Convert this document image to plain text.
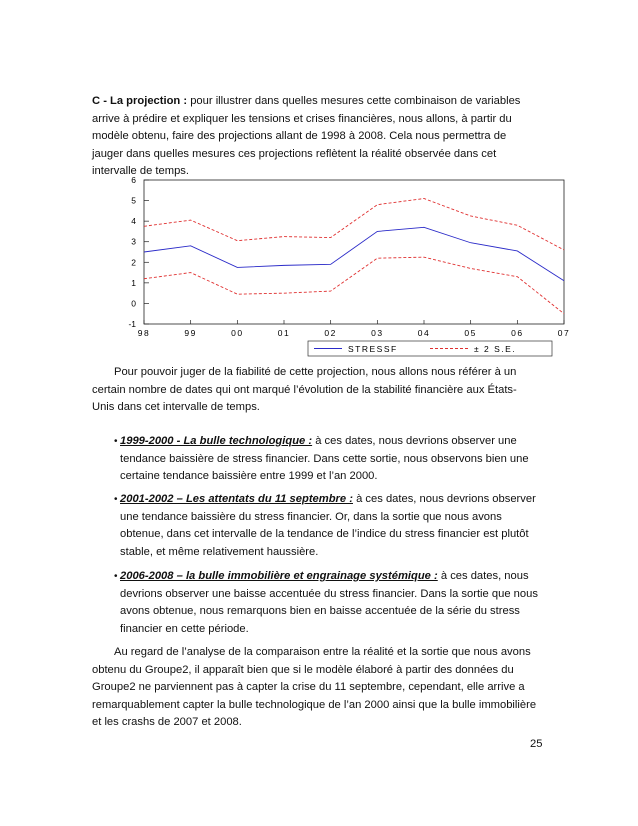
C - La projection : pour illustrer dans quelles mesures cette combinaison de variables arrive à prédire et expliquer les tensions et crises financières, nous allons, à partir du modèle obtenu, faire des projections allant de 1998 à 2008. Cela nous permettra de jauger dans quelles mesures ces projections reflètent la réalité observée dans cet intervalle de temps.

-1
0
1
2
3
4
5
6
98	99	00	01	02	03	04	05	06	07
STRESSF	± 2 S.E.

Pour pouvoir juger de la fiabilité de cette projection, nous allons nous référer à un certain nombre de dates qui ont marqué l’évolution de la stabilité financière aux États-Unis dans cet intervalle de temps.

• 1999-2000 - La bulle technologique : à ces dates, nous devrions observer une tendance baissière de stress financier. Dans cette sortie, nous observons bien une certaine tendance baissière entre 1999 et l’an 2000.
• 2001-2002 – Les attentats du 11 septembre : à ces dates, nous devrions observer une tendance baissière du stress financier. Or, dans la sortie que nous avons obtenue, dans cet intervalle de la tendance de l’indice du stress financier est plutôt stable, et même relativement haussière.
• 2006-2008 – la bulle immobilière et engrainage systémique : à ces dates, nous devrions observer une baisse accentuée du stress financier. Dans la sortie que nous avons obtenue, nous remarquons bien en baisse accentuée de la série du stress financier en cette période.

Au regard de l’analyse de la comparaison entre la réalité et la sortie que nous avons obtenu du Groupe2, il apparaît bien que si le modèle élaboré à partir des données du Groupe2 ne parviennent pas à capter la crise du 11 septembre, cependant, elle arrive a remarquablement capter la bulle technologique de l’an 2000 ainsi que la bulle immobilière et les crashs de 2007 et 2008.

25
